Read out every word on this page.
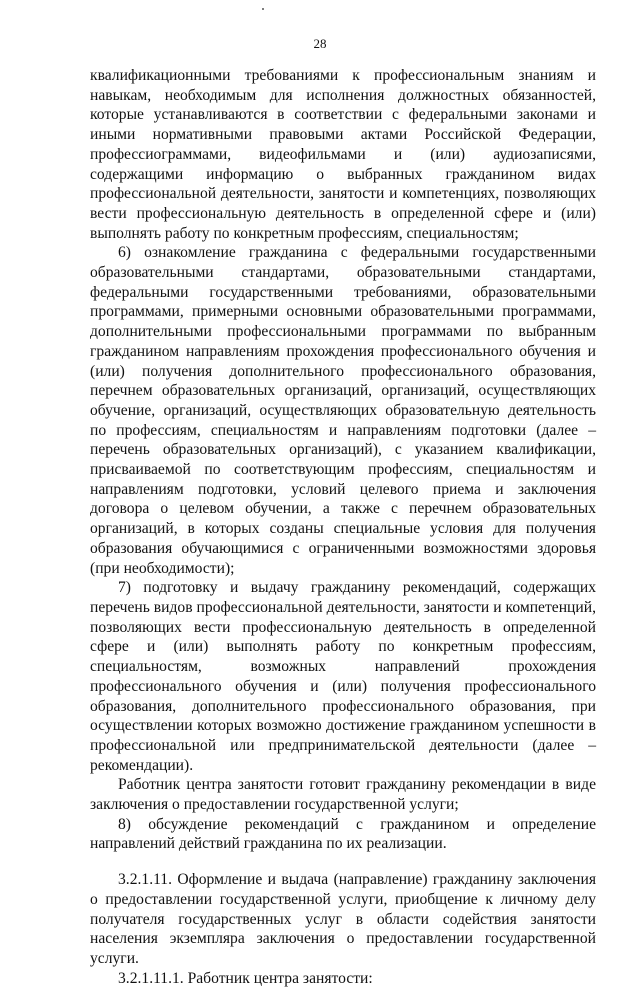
28

квалификационными требованиями к профессиональным знаниям и навыкам, необходимым для исполнения должностных обязанностей, которые устанавливаются в соответствии с федеральными законами и иными нормативными правовыми актами Российской Федерации, профессиограммами, видеофильмами и (или) аудиозаписями, содержащими информацию о выбранных гражданином видах профессиональной деятельности, занятости и компетенциях, позволяющих вести профессиональную деятельность в определенной сфере и (или) выполнять работу по конкретным профессиям, специальностям;

6) ознакомление гражданина с федеральными государственными образовательными стандартами, образовательными стандартами, федеральными государственными требованиями, образовательными программами, примерными основными образовательными программами, дополнительными профессиональными программами по выбранным гражданином направлениям прохождения профессионального обучения и (или) получения дополнительного профессионального образования, перечнем образовательных организаций, организаций, осуществляющих обучение, организаций, осуществляющих образовательную деятельность по профессиям, специальностям и направлениям подготовки (далее – перечень образовательных организаций), с указанием квалификации, присваиваемой по соответствующим профессиям, специальностям и направлениям подготовки, условий целевого приема и заключения договора о целевом обучении, а также с перечнем образовательных организаций, в которых созданы специальные условия для получения образования обучающимися с ограниченными возможностями здоровья (при необходимости);

7) подготовку и выдачу гражданину рекомендаций, содержащих перечень видов профессиональной деятельности, занятости и компетенций, позволяющих вести профессиональную деятельность в определенной сфере и (или) выполнять работу по конкретным профессиям, специальностям, возможных направлений прохождения профессионального обучения и (или) получения профессионального образования, дополнительного профессионального образования, при осуществлении которых возможно достижение гражданином успешности в профессиональной или предпринимательской деятельности (далее – рекомендации).

Работник центра занятости готовит гражданину рекомендации в виде заключения о предоставлении государственной услуги;

8) обсуждение рекомендаций с гражданином и определение направлений действий гражданина по их реализации.

3.2.1.11. Оформление и выдача (направление) гражданину заключения о предоставлении государственной услуги, приобщение к личному делу получателя государственных услуг в области содействия занятости населения экземпляра заключения о предоставлении государственной услуги.

3.2.1.11.1. Работник центра занятости:
